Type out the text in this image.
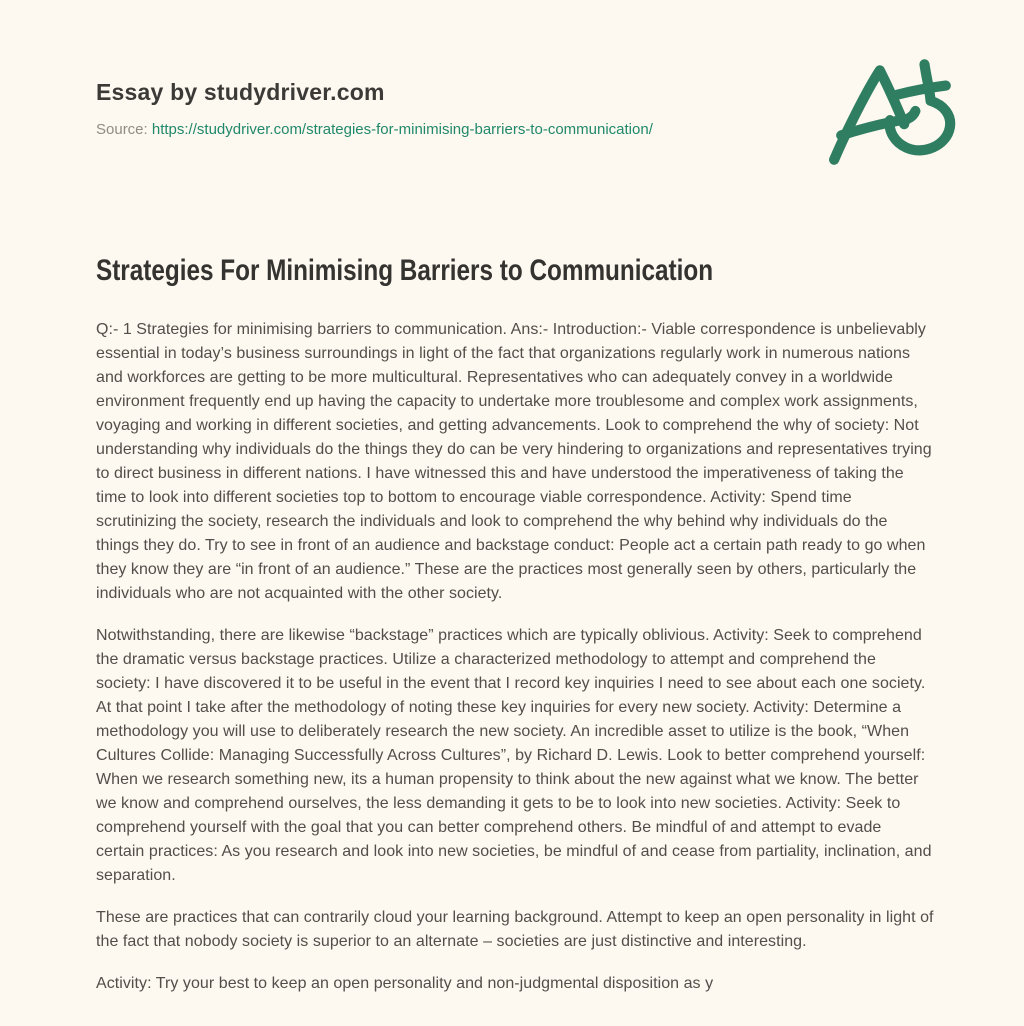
Essay by studydriver.com
Source: https://studydriver.com/strategies-for-minimising-barriers-to-communication/
Strategies For Minimising Barriers to Communication

Q:- 1 Strategies for minimising barriers to communication. Ans:- Introduction:- Viable correspondence is unbelievably essential in today’s business surroundings in light of the fact that organizations regularly work in numerous nations and workforces are getting to be more multicultural. Representatives who can adequately convey in a worldwide environment frequently end up having the capacity to undertake more troublesome and complex work assignments, voyaging and working in different societies, and getting advancements. Look to comprehend the why of society: Not understanding why individuals do the things they do can be very hindering to organizations and representatives trying to direct business in different nations. I have witnessed this and have understood the imperativeness of taking the time to look into different societies top to bottom to encourage viable correspondence. Activity: Spend time scrutinizing the society, research the individuals and look to comprehend the why behind why individuals do the things they do. Try to see in front of an audience and backstage conduct: People act a certain path ready to go when they know they are “in front of an audience.” These are the practices most generally seen by others, particularly the individuals who are not acquainted with the other society.

Notwithstanding, there are likewise “backstage” practices which are typically oblivious. Activity: Seek to comprehend the dramatic versus backstage practices. Utilize a characterized methodology to attempt and comprehend the society: I have discovered it to be useful in the event that I record key inquiries I need to see about each one society. At that point I take after the methodology of noting these key inquiries for every new society. Activity: Determine a methodology you will use to deliberately research the new society. An incredible asset to utilize is the book, “When Cultures Collide: Managing Successfully Across Cultures”, by Richard D. Lewis. Look to better comprehend yourself: When we research something new, its a human propensity to think about the new against what we know. The better we know and comprehend ourselves, the less demanding it gets to be to look into new societies. Activity: Seek to comprehend yourself with the goal that you can better comprehend others. Be mindful of and attempt to evade certain practices: As you research and look into new societies, be mindful of and cease from partiality, inclination, and separation.

These are practices that can contrarily cloud your learning background. Attempt to keep an open personality in light of the fact that nobody society is superior to an alternate – societies are just distinctive and interesting.

Activity: Try your best to keep an open personality and non-judgmental disposition as y
